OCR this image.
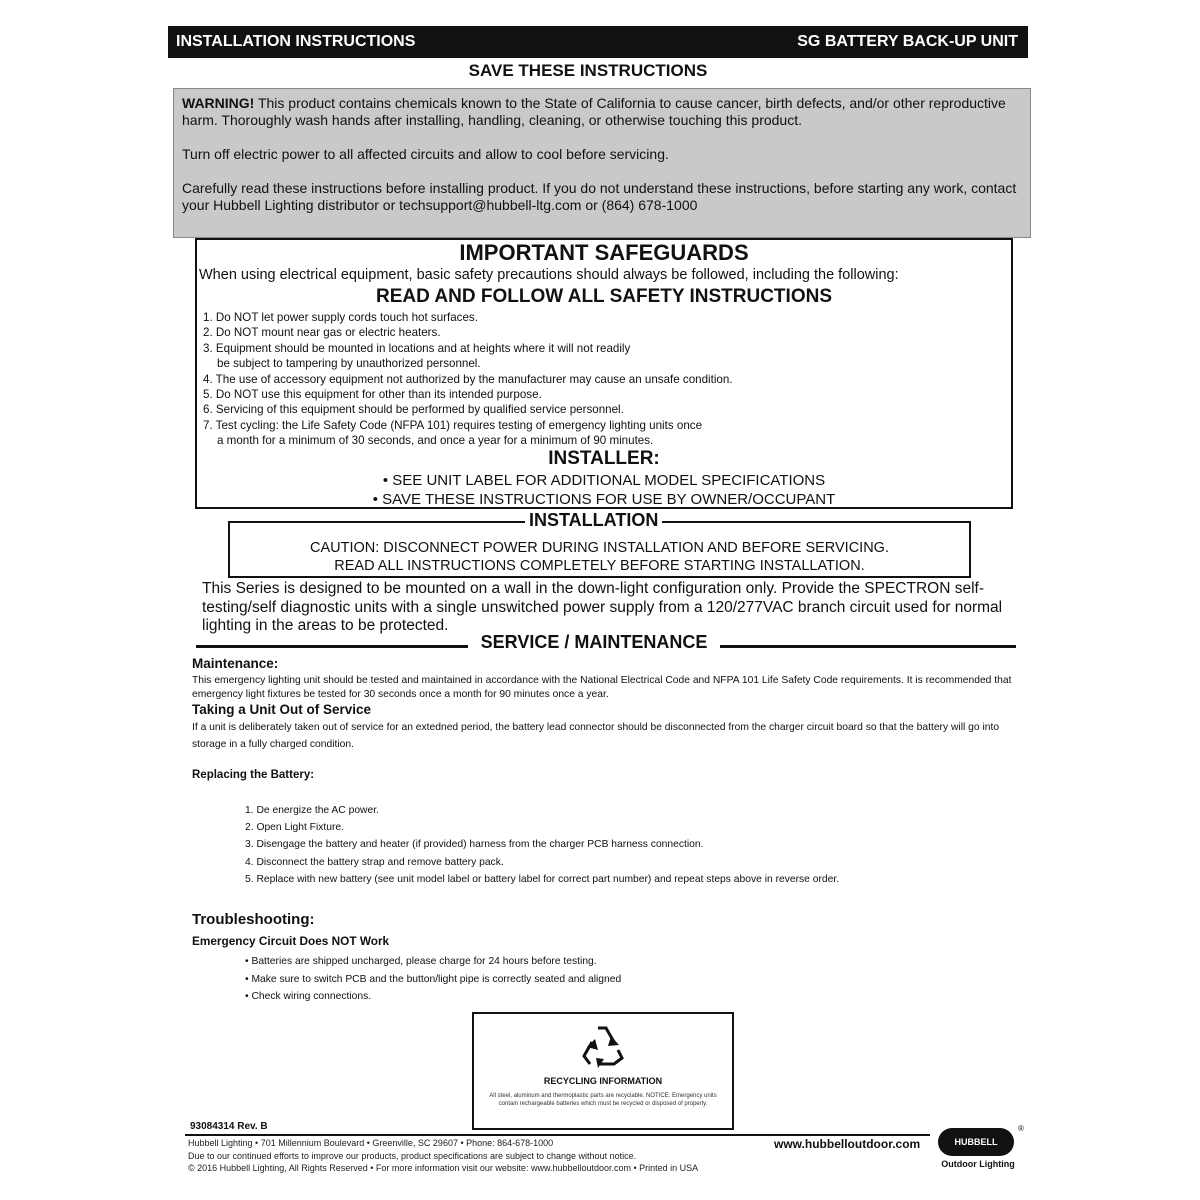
INSTALLATION INSTRUCTIONS	SG BATTERY BACK-UP UNIT
SAVE THESE INSTRUCTIONS

WARNING! This product contains chemicals known to the State of California to cause cancer, birth defects, and/or other reproductive harm. Thoroughly wash hands after installing, handling, cleaning, or otherwise touching this product.

Turn off electric power to all affected circuits and allow to cool before servicing.

Carefully read these instructions before installing product. If you do not understand these instructions, before starting any work, contact your Hubbell Lighting distributor or techsupport@hubbell-ltg.com or (864) 678-1000

IMPORTANT SAFEGUARDS
When using electrical equipment, basic safety precautions should always be followed, including the following:
READ AND FOLLOW ALL SAFETY INSTRUCTIONS
1. Do NOT let power supply cords touch hot surfaces.
2. Do NOT mount near gas or electric heaters.
3. Equipment should be mounted in locations and at heights where it will not readily
be subject to tampering by unauthorized personnel.
4. The use of accessory equipment not authorized by the manufacturer may cause an unsafe condition.
5. Do NOT use this equipment for other than its intended purpose.
6. Servicing of this equipment should be performed by qualified service personnel.
7. Test cycling: the Life Safety Code (NFPA 101) requires testing of emergency lighting units once
a month for a minimum of 30 seconds, and once a year for a minimum of 90 minutes.
INSTALLER:
• SEE UNIT LABEL FOR ADDITIONAL MODEL SPECIFICATIONS
• SAVE THESE INSTRUCTIONS FOR USE BY OWNER/OCCUPANT
CAUTION: DISCONNECT POWER DURING INSTALLATION AND BEFORE SERVICING.
READ ALL INSTRUCTIONS COMPLETELY BEFORE STARTING INSTALLATION.
INSTALLATION
This Series is designed to be mounted on a wall in the down-light configuration only. Provide the SPECTRON self-testing/self diagnostic units with a single unswitched power supply from a 120/277VAC branch circuit used for normal lighting in the areas to be protected.
SERVICE / MAINTENANCE
Maintenance:
This emergency lighting unit should be tested and maintained in accordance with the National Electrical Code and NFPA 101 Life Safety Code requirements. It is recommended that emergency light fixtures be tested for 30 seconds once a month for 90 minutes once a year.
Taking a Unit Out of Service
If a unit is deliberately taken out of service for an extedned period, the battery lead connector should be disconnected from the charger circuit board so that the battery will go into storage in a fully charged condition.
Replacing the Battery:
1. De energize the AC power.
2. Open Light Fixture.
3. Disengage the battery and heater (if provided) harness from the charger PCB harness connection.
4. Disconnect the battery strap and remove battery pack.
5. Replace with new battery (see unit model label or battery label for correct part number) and repeat steps above in reverse order.
Troubleshooting:
Emergency Circuit Does NOT Work
• Batteries are shipped uncharged, please charge for 24 hours before testing.
• Make sure to switch PCB and the button/light pipe is correctly seated and aligned
• Check wiring connections.
RECYCLING INFORMATION
All steel, aluminum and thermoplastic parts are recyclable. NOTICE: Emergency units contain rechargeable batteries which must be recycled or disposed of properly.
93084314 Rev. B
Hubbell Lighting • 701 Millennium Boulevard • Greenville, SC 29607 • Phone: 864-678-1000
Due to our continued efforts to improve our products, product specifications are subject to change without notice.
© 2016 Hubbell Lighting, All Rights Reserved • For more information visit our website: www.hubbelloutdoor.com • Printed in USA
www.hubbelloutdoor.com	HUBBELL
®
Outdoor Lighting
